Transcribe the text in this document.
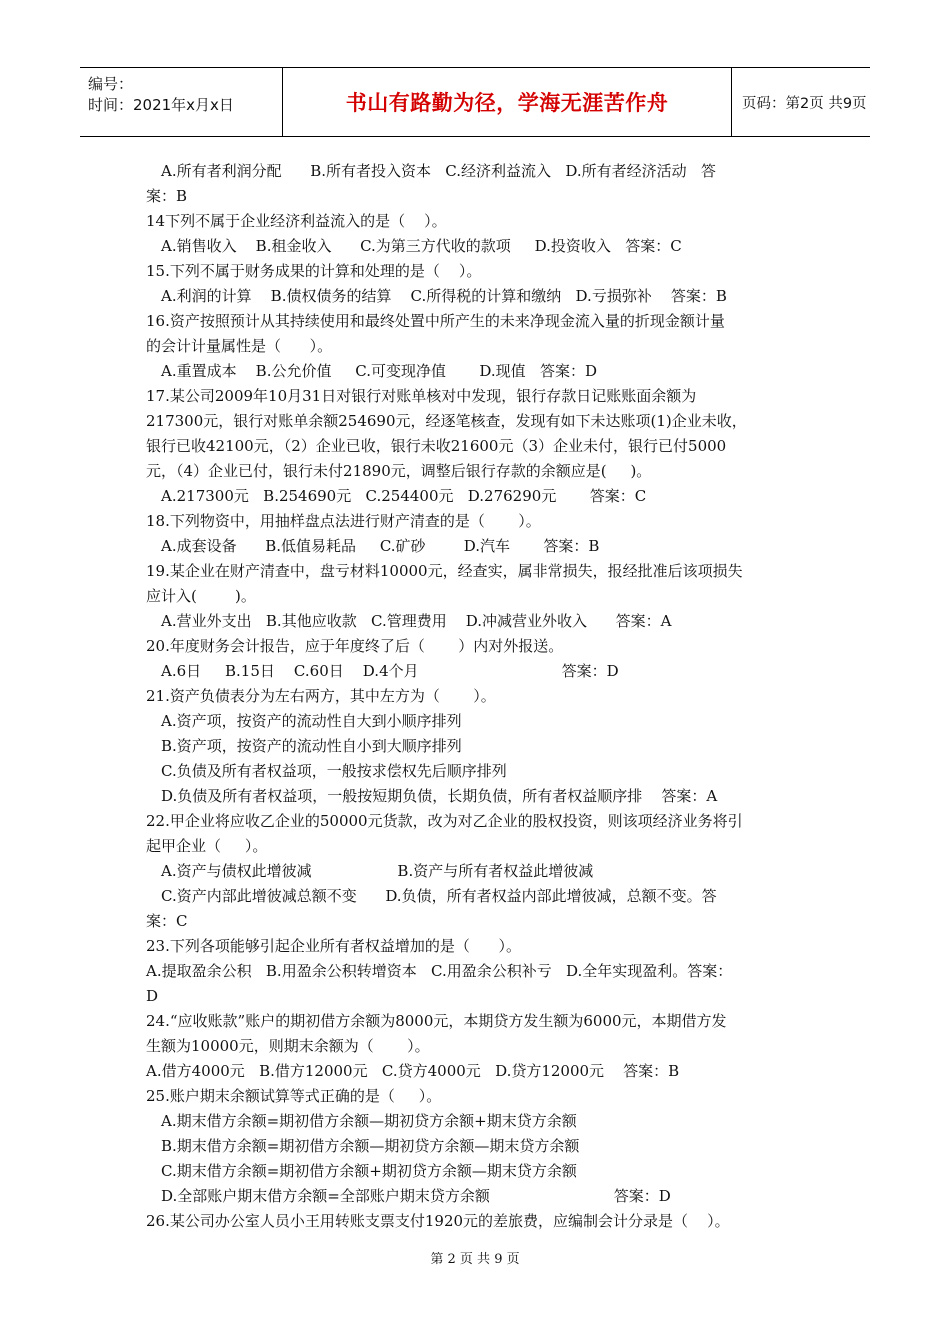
编号：
时间：2021年x月x日	书山有路勤为径，学海无涯苦作舟	页码：第2页 共9页
A.所有者利润分配      B.所有者投入资本   C.经济利益流入   D.所有者经济活动   答
案：B
14下列不属于企业经济利益流入的是（    ）。
A.销售收入    B.租金收入      C.为第三方代收的款项     D.投资收入   答案：C
15.下列不属于财务成果的计算和处理的是（    ）。
A.利润的计算    B.债权债务的结算    C.所得税的计算和缴纳   D.亏损弥补    答案：B
16.资产按照预计从其持续使用和最终处置中所产生的未来净现金流入量的折现金额计量
的会计计量属性是（      ）。
A.重置成本    B.公允价值     C.可变现净值       D.现值   答案：D
17.某公司2009年10月31日对银行对账单核对中发现，银行存款日记账账面余额为
217300元，银行对账单余额254690元，经逐笔核查，发现有如下未达账项(1)企业未收，
银行已收42100元，（2）企业已收，银行未收21600元（3）企业未付，银行已付5000
元，（4）企业已付，银行未付21890元，调整后银行存款的余额应是(     )。
A.217300元   B.254690元   C.254400元   D.276290元       答案：C
18.下列物资中，用抽样盘点法进行财产清查的是（       ）。
A.成套设备      B.低值易耗品     C.矿砂        D.汽车       答案：B
19.某企业在财产清查中，盘亏材料10000元，经查实，属非常损失，报经批准后该项损失
应计入(        )。
A.营业外支出   B.其他应收款   C.管理费用    D.冲减营业外收入      答案：A
20.年度财务会计报告，应于年度终了后（       ）内对外报送。
A.6日     B.15日    C.60日    D.4个月                              答案：D
21.资产负债表分为左右两方，其中左方为（       ）。
A.资产项，按资产的流动性自大到小顺序排列
B.资产项，按资产的流动性自小到大顺序排列
C.负债及所有者权益项，一般按求偿权先后顺序排列
D.负债及所有者权益项，一般按短期负债，长期负债，所有者权益顺序排    答案：A
22.甲企业将应收乙企业的50000元货款，改为对乙企业的股权投资，则该项经济业务将引
起甲企业（     ）。
A.资产与债权此增彼减                  B.资产与所有者权益此增彼减
C.资产内部此增彼减总额不变      D.负债，所有者权益内部此增彼减，总额不变。答
案：C
23.下列各项能够引起企业所有者权益增加的是（      ）。
A.提取盈余公积   B.用盈余公积转增资本   C.用盈余公积补亏   D.全年实现盈利。答案：
D
24.“应收账款”账户的期初借方余额为8000元，本期贷方发生额为6000元，本期借方发
生额为10000元，则期末余额为（       ）。
A.借方4000元   B.借方12000元   C.贷方4000元   D.贷方12000元    答案：B
25.账户期末余额试算等式正确的是（     ）。
A.期末借方余额=期初借方余额—期初贷方余额+期末贷方余额
B.期末借方余额=期初借方余额—期初贷方余额—期末贷方余额
C.期末借方余额=期初借方余额+期初贷方余额—期末贷方余额
D.全部账户期末借方余额=全部账户期末贷方余额                          答案：D
26.某公司办公室人员小王用转账支票支付1920元的差旅费，应编制会计分录是（    ）。
第 2 页 共 9 页
